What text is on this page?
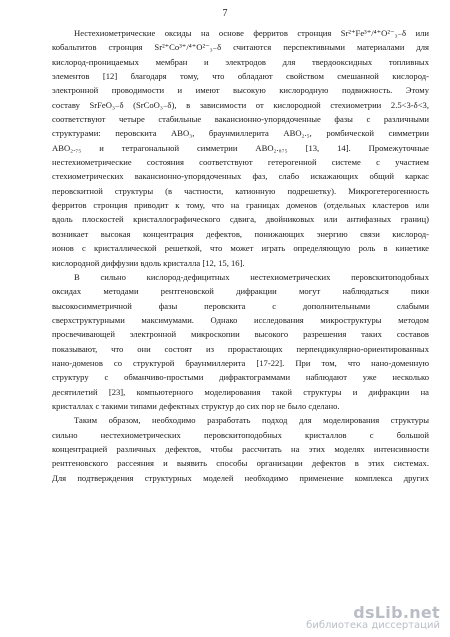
7
Нестехиометрические оксиды на основе ферритов стронция Sr²⁺Fe³⁺/⁴⁺O²⁻₃₋δ или
кобальтитов стронция Sr²⁺Co³⁺/⁴⁺O²⁻₃₋δ считаются перспективными материалами для
кислород-проницаемых мембран и электродов для твердооксидных топливных
элементов [12] благодаря тому, что обладают свойством смешанной кислород-
электронной проводимости и имеют высокую кислородную подвижность. Этому
составу SrFeO₃₋δ (SrCoO₃₋δ), в зависимости от кислородной стехиометрии 2.5<3-δ<3,
соответствуют четыре стабильные вакансионно-упорядоченные фазы с различными
структурами: перовскита ABO₃, браунмиллерита ABO₂.₅, ромбической симметрии
ABO₂.₇₅ и тетрагональной симметрии ABO₂.₈₇₅ [13, 14]. Промежуточные
нестехиометрические состояния соответствуют гетерогенной системе с участием
стехиометрических вакансионно-упорядоченных фаз, слабо искажающих общий каркас
перовскитной структуры (в частности, катионную подрешетку). Микрогетерогенность
ферритов стронция приводит к тому, что на границах доменов (отдельных кластеров или
вдоль плоскостей кристаллографического сдвига, двойниковых или антифазных границ)
возникает высокая концентрация дефектов, понижающих энергию связи кислород-
ионов с кристаллической решеткой, что может играть определяющую роль в кинетике
кислородной диффузии вдоль кристалла [12, 15, 16].
В сильно кислород-дефицитных нестехиометрических перовскитоподобных
оксидах методами рентгеновской дифракции могут наблюдаться пики
высокосимметричной фазы перовскита с дополнительными слабыми
сверхструктурными максимумами. Однако исследования микроструктуры методом
просвечивающей электронной микроскопии высокого разрешения таких составов
показывают, что они состоят из прорастающих перпендикулярно-ориентированных
нано-доменов со структурой браунмиллерита [17-22]. При том, что нано-доменную
структуру с обманчиво-простыми дифрактограммами наблюдают уже несколько
десятилетий [23], компьютерного моделирования такой структуры и дифракции на
кристаллах с такими типами дефектных структур до сих пор не было сделано.
Таким образом, необходимо разработать подход для моделирования структуры
сильно нестехиометрических перовскитоподобных кристаллов с большой
концентрацией различных дефектов, чтобы рассчитать на этих моделях интенсивности
рентгеновского рассеяния и выявить способы организации дефектов в этих системах.
Для подтверждения структурных моделей необходимо применение комплекса других
dsLib.net
библиотека диссертаций
